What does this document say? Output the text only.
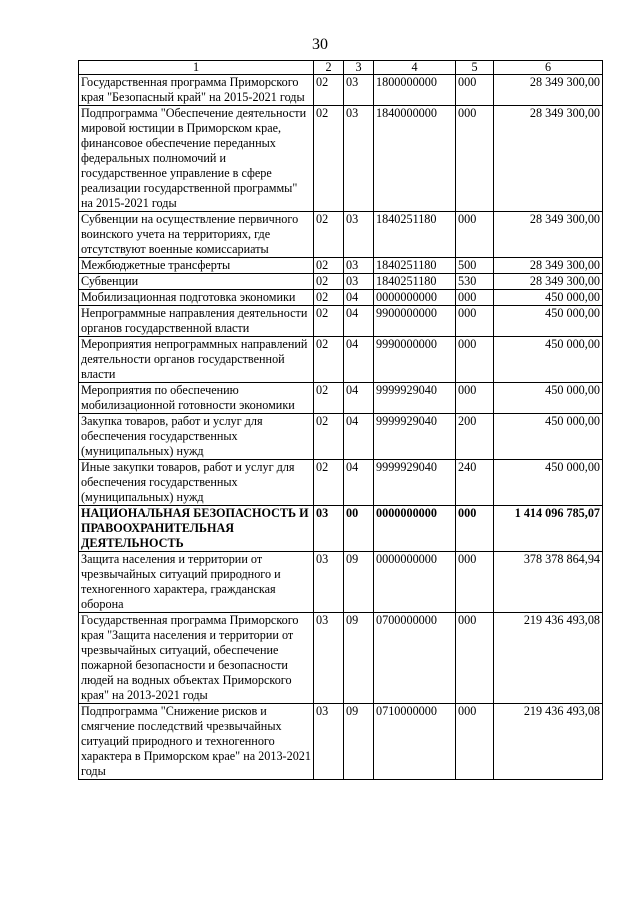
30
1	2	3	4	5	6
Государственная программа Приморского края "Безопасный край" на 2015-2021 годы	02	03	1800000000	000	28 349 300,00
Подпрограмма "Обеспечение деятельности мировой юстиции в Приморском крае, финансовое обеспечение переданных федеральных полномочий и государственное управление в сфере реализации государственной программы" на 2015-2021 годы	02	03	1840000000	000	28 349 300,00
Субвенции на осуществление первичного воинского учета на территориях, где отсутствуют военные комиссариаты	02	03	1840251180	000	28 349 300,00
Межбюджетные трансферты	02	03	1840251180	500	28 349 300,00
Субвенции	02	03	1840251180	530	28 349 300,00
Мобилизационная подготовка экономики	02	04	0000000000	000	450 000,00
Непрограммные направления деятельности органов государственной власти	02	04	9900000000	000	450 000,00
Мероприятия непрограммных направлений деятельности органов государственной власти	02	04	9990000000	000	450 000,00
Мероприятия по обеспечению мобилизационной готовности экономики	02	04	9999929040	000	450 000,00
Закупка товаров, работ и услуг для обеспечения государственных (муниципальных) нужд	02	04	9999929040	200	450 000,00
Иные закупки товаров, работ и услуг для обеспечения государственных (муниципальных) нужд	02	04	9999929040	240	450 000,00
НАЦИОНАЛЬНАЯ БЕЗОПАСНОСТЬ И ПРАВООХРАНИТЕЛЬНАЯ ДЕЯТЕЛЬНОСТЬ	03	00	0000000000	000	1 414 096 785,07
Защита населения и территории от чрезвычайных ситуаций природного и техногенного характера, гражданская оборона	03	09	0000000000	000	378 378 864,94
Государственная программа Приморского края "Защита населения и территории от чрезвычайных ситуаций, обеспечение пожарной безопасности и безопасности людей на водных объектах Приморского края" на 2013-2021 годы	03	09	0700000000	000	219 436 493,08
Подпрограмма "Снижение рисков и смягчение последствий чрезвычайных ситуаций природного и техногенного характера в Приморском крае" на 2013-2021 годы	03	09	0710000000	000	219 436 493,08
